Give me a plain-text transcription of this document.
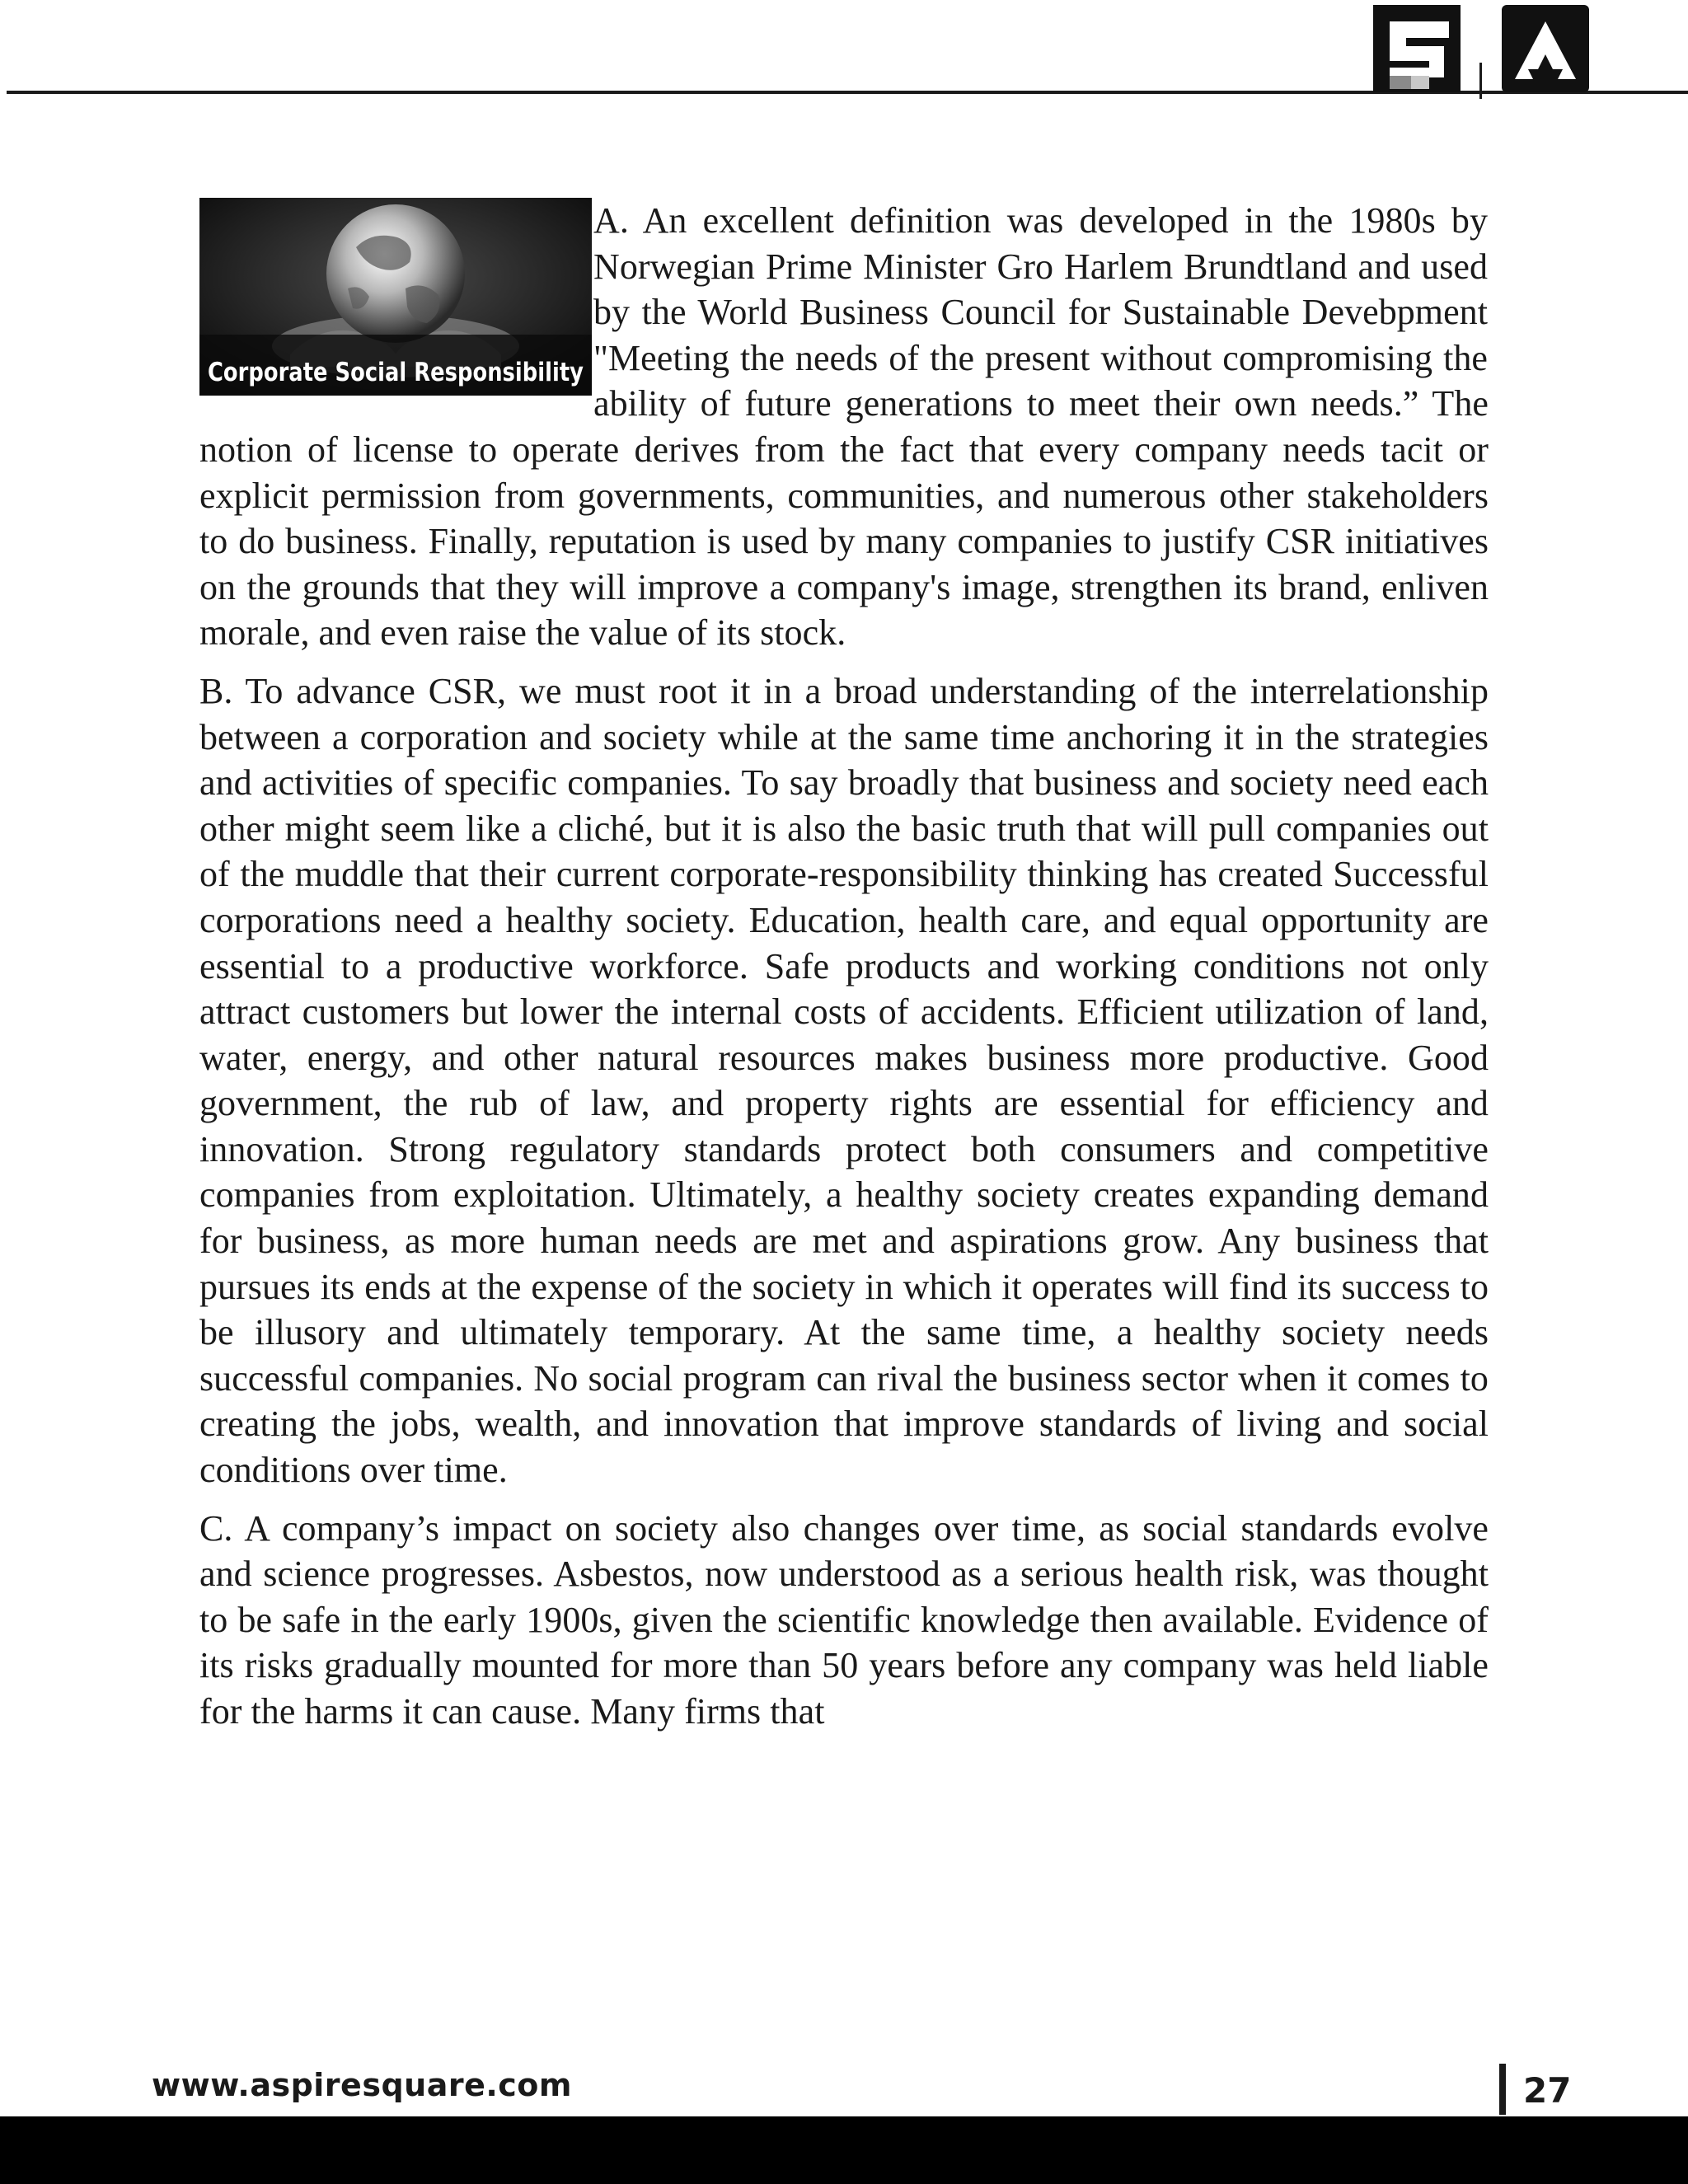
Corporate Social Responsibility

A. An excellent definition was developed in the 1980s by Norwegian Prime Minister Gro Harlem Brundtland and used by the World Business Council for Sustainable Devebpment "Meeting the needs of the present without compromising the ability of future generations to meet their own needs.” The notion of license to operate derives from the fact that every company needs tacit or explicit permission from governments, communities, and numerous other stakeholders to do business. Finally, reputation is used by many companies to justify CSR initiatives on the grounds that they will improve a company's image, strengthen its brand, enliven morale, and even raise the value of its stock.

B. To advance CSR, we must root it in a broad understanding of the interrelationship between a corporation and society while at the same time anchoring it in the strategies and activities of specific companies. To say broadly that business and society need each other might seem like a cliché, but it is also the basic truth that will pull companies out of the muddle that their current corporate-responsibility thinking has created Successful corporations need a healthy society. Education, health care, and equal opportunity are essential to a productive workforce. Safe products and working conditions not only attract customers but lower the internal costs of accidents. Efficient utilization of land, water, energy, and other natural resources makes business more productive. Good government, the rub of law, and property rights are essential for efficiency and innovation. Strong regulatory standards protect both consumers and competitive companies from exploitation. Ultimately, a healthy society creates expanding demand for business, as more human needs are met and aspirations grow. Any business that pursues its ends at the expense of the society in which it operates will find its success to be illusory and ultimately temporary. At the same time, a healthy society needs successful companies. No social program can rival the business sector when it comes to creating the jobs, wealth, and innovation that improve standards of living and social conditions over time.

C. A company’s impact on society also changes over time, as social standards evolve and science progresses. Asbestos, now understood as a serious health risk, was thought to be safe in the early 1900s, given the scientific knowledge then available. Evidence of its risks gradually mounted for more than 50 years before any company was held liable for the harms it can cause. Many firms that

www.aspiresquare.com	27
